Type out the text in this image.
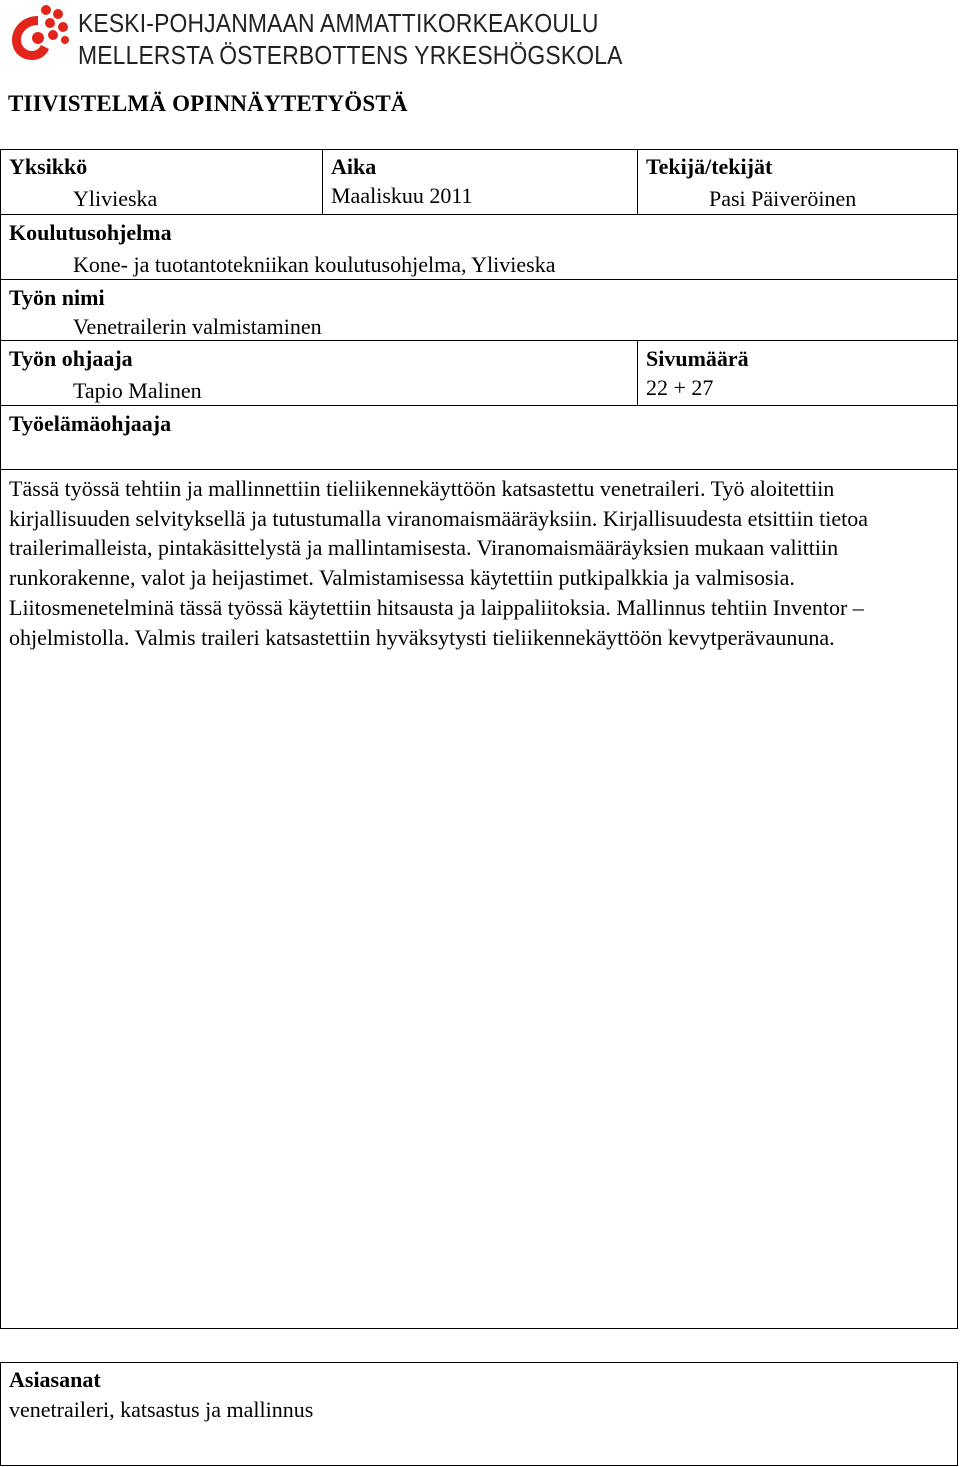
KESKI-POHJANMAAN AMMATTIKORKEAKOULU
MELLERSTA ÖSTERBOTTENS YRKESHÖGSKOLA
TIIVISTELMÄ OPINNÄYTETYÖSTÄ
Yksikkö
Ylivieska
Aika
Maaliskuu 2011
Tekijä/tekijät
Pasi Päiveröinen
Koulutusohjelma
Kone- ja tuotantotekniikan koulutusohjelma, Ylivieska
Työn nimi
Venetrailerin valmistaminen
Työn ohjaaja
Tapio Malinen
Sivumäärä
22 + 27
Työelämäohjaaja

Tässä työssä tehtiin ja mallinnettiin tieliikennekäyttöön katsastettu venetraileri. Työ aloitettiin kirjallisuuden selvityksellä ja tutustumalla viranomaismääräyksiin. Kirjallisuudesta etsittiin tietoa trailerimalleista, pintakäsittelystä ja mallintamisesta. Viranomaismääräyksien mukaan valittiin runkorakenne, valot ja heijastimet. Valmistamisessa käytettiin putkipalkkia ja valmisosia. Liitosmenetelminä tässä työssä käytettiin hitsausta ja laippaliitoksia. Mallinnus tehtiin Inventor – ohjelmistolla. Valmis traileri katsastettiin hyväksytysti tieliikennekäyttöön kevytperävaununa.

Asiasanat
venetraileri, katsastus ja mallinnus
